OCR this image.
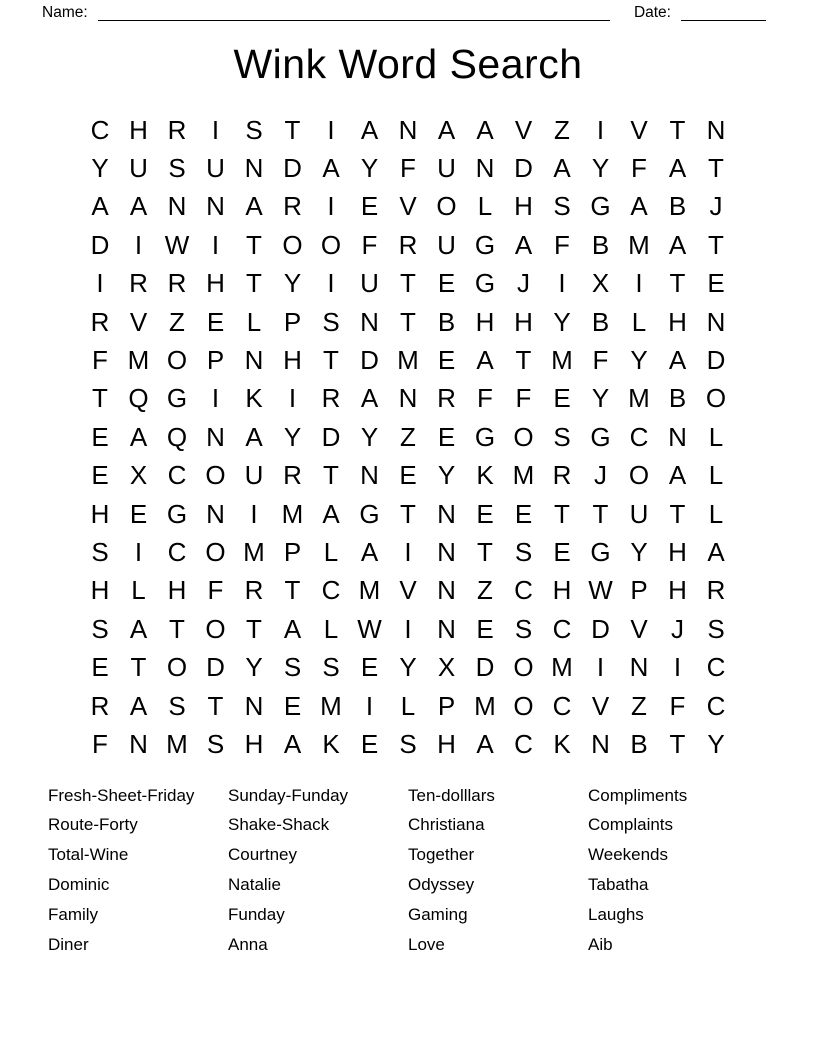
Name:	Date:
Wink Word Search
C H R I	S T	I	A N A A V Z	I	V T N
Y U S U N D A Y F U N D A Y F A T
A A N N A R I	E V O L H S G A B J
D I W I	T O O F R U G A F B M A T
I R R H T Y	I U T E G J	I	X	I	T E
R V Z E L P S N T B H H Y B L H N
F M O P N H T D M E A T M F Y A D
T Q G I	K	I R A N R F F E Y M B O
E A Q N A Y D Y Z E G O S G C N L
E X C O U R T N E Y K M R J O A L
H E G N I M A G T N E E T T U T L
S	I C O M P L A	I N T S E G Y H A
H L H F R T C M V N Z C H W P H R
S A T O T A L W I N E S C D V J S
E T O D Y S S E Y X D O M I N I C
R A S T N E M I	L P M O C V Z F C
F N M S H A K E S H A C K N B T Y
Fresh-Sheet-Friday
Route-Forty
Total-Wine
Dominic
Family
Diner
Sunday-Funday
Shake-Shack
Courtney
Natalie
Funday
Anna
Ten-dolllars
Christiana
Together
Odyssey
Gaming
Love
Compliments
Complaints
Weekends
Tabatha
Laughs
Aib
